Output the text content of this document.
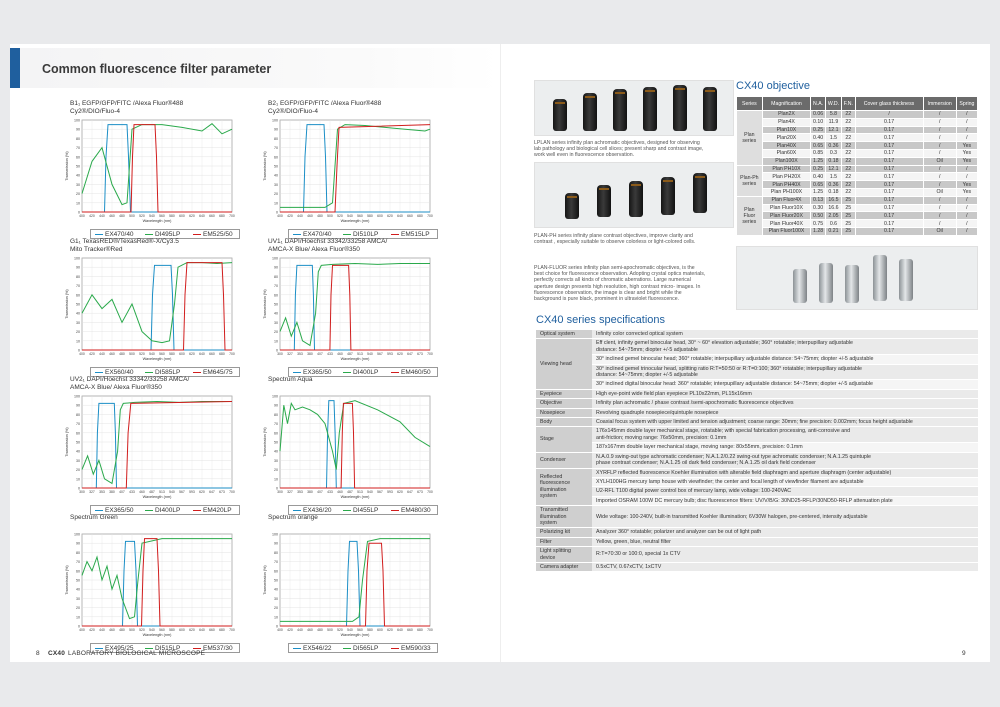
Common fluorescence filter parameter
B1₁ EGFP/GFP/FITC /Alexa Fluor®488
Cy2®/DIO/Fluo-4
0
10
20
30
40
50
60
70
80
90
100
400 420 440 460 480 500 520 540 560 580 600 620 640 660 680 700
Transmission (%)
Wavelength (nm)
EX470/40	DI495LP	EM525/50
B2₁ EGFP/GFP/FITC /Alexa Fluor®488
Cy2®/DIO/Fluo-4
0
10
20
30
40
50
60
70
80
90
100
400 420 440 460 480 500 520 540 560 580 600 620 640 660 680 700
Transmission (%)
Wavelength (nm)
EX470/40	DI510LP	EM515LP
G1₁ TexasRED®/TexasRed®-X/Cy3.5
Mito Tracker®Red
0
10
20
30
40
50
60
70
80
90
100
400 420 440 460 480 500 520 540 560 580 600 620 640 660 680 700
Transmission (%)
Wavelength (nm)
EX560/40	DI585LP	EM645/75
UV1₁ DAPI/Hoechst 33342/33258 AMCA/
AMCA-X Blue/ Alexa Fluor®350
0
10
20
30
40
50
60
70
80
90
100
300 327 353 380 407 433 460 487 513 540 567 593 620 647 673 700
Transmission (%)
Wavelength (nm)
EX365/50	DI400LP	EM460/50
UV2₁ DAPI/Hoechst 33342/33258 AMCA/
AMCA-X Blue/ Alexa Fluor®350
0
10
20
30
40
50
60
70
80
90
100
300 327 353 380 407 433 460 487 513 540 567 593 620 647 673 700
Transmission (%)
Wavelength (nm)
EX365/50	DI400LP	EM420LP
Spectrum Aqua
0
10
20
30
40
50
60
70
80
90
100
300 327 353 380 407 433 460 487 513 540 567 593 620 647 673 700
Transmission (%)
Wavelength (nm)
EX436/20	DI455LP	EM480/30
Spectrum Green
0
10
20
30
40
50
60
70
80
90
100
400 420 440 460 480 500 520 540 560 580 600 620 640 660 680 700
Transmission (%)
Wavelength (nm)
EX495/25	DI515LP	EM537/30
Spectrum orange
0
10
20
30
40
50
60
70
80
90
100
400 420 440 460 480 500 520 540 560 580 600 620 640 660 680 700
Transmission (%)
Wavelength (nm)
EX546/22	DI565LP	EM590/33
8 CX40 LABORATORY BIOLOGICAL MICROSCOPE	9
LPLAN series infinity plan achromatic objectives, designed for observing
lab pathology and biological cell slices; present sharp and contrast image,
work well even in fluorescence observation.
PLAN-PH series infinity plane contrast objectives, improve clarity and
contrast , especially suitable to observe colorless or light-colored cells.
PLAN-FLUOR series infinity plan semi-apochromatic objectives, is the
best choice for fluorescence observation. Adopting crystal optics materials,
perfectly corrects all kinds of chromatic aberrations. Large numerical
aperture design presents high resolution, high contrast micro- images. In
fluorescence observation, the image is clear and bright while the
background is pure black, prominent in ultraviolet fluorescence.
CX40 objective
Series	Magnification	N.A.	W.D.	F.N.	Cover glass thickness	Immersion	Spring
Plan
series	Plan2X	0.06	5.8	22	/	/	/
	Plan4X	0.10	11.9	22	0.17	/	/
	Plan10X	0.25	12.1	22	0.17	/	/
	Plan20X	0.40	1.5	22	0.17	/	/
	Plan40X	0.65	0.36	22	0.17	/	Yes
	Plan60X	0.85	0.3	22	0.17	/	Yes
	Plan100X	1.25	0.18	22	0.17	Oil	Yes
Plan-Ph
series	Plan PH10X	0.25	12.1	22	0.17	/	/
	Plan PH20X	0.40	1.5	22	0.17	/	/
	Plan PH40X	0.65	0.36	22	0.17	/	Yes
	Plan PH100X	1.25	0.18	22	0.17	Oil	Yes
Plan
Fluor
series	Plan Fluor4X	0.13	16.5	25	0.17	/	/
	Plan Fluor10X	0.30	16.6	25	0.17	/	/
	Plan Fluor20X	0.50	2.05	25	0.17	/	/
	Plan Fluor40X	0.75	0.6	25	0.17	/	/
	Plan Fluor100X	1.28	0.21	25	0.17	Oil	/
CX40 series specifications
Optical system	Infinity color corrected optical system
Viewing head	Eff clent, infinity gemel binocular head, 30° ~ 60° elevation adjustable; 360° rotatable; interpupillary adjustable
distance: 54~75mm; diopter +/-5 adjustable
	30° inclined gemel binocular head; 360° rotatable; interpupillary adjustable distance: 54~75mm; diopter +/-5 adjustable
	30° inclined gemel trinocular head, splitting ratio R:T=50:50 or R:T=0:100; 360° rotatable; interpupillary adjustable
distance: 54~75mm; diopter +/-5 adjustable
	30° inclined digital binocular head: 360° rotatable; interpupillary adjustable distance: 54~75mm; diopter +/-5 adjustable
Eyepiece	High eye-point wide field plan eyepiece PL10x22mm, PL15x16mm
Objective	Infinity plan achromatic / phase contrast /semi-apochromatic fluorescence objectives
Nosepiece	Revolving quadruple nosepiece/quintuple nosepiece
Body	Coaxial focus system with upper limited and tension adjustment; coarse range: 30mm; fine precision: 0.002mm; focus height adjustable
Stage	176x145mm double layer mechanical stage, rotatable; with special fabrication processing, anti-corrosive and
anti-friction; moving range: 76x50mm, precision: 0.1mm
	187x167mm double layer mechanical stage, moving range: 80x55mm, precision: 0.1mm
Condenser	N.A.0.9 swing-out type achromatic condenser; N.A.1.2/0.22 swing-out type achromatic condenser; N.A.1.25 quintuple
phase contrast condenser; N.A.1.25 oil dark field condenser; N.A.1.25 oil dark field condenser
Reflected
fluorescence
illumination
system	XYRFLP reflected fluorescence Koehler illumination with alterable field diaphragm and aperture diaphragm (center adjustable)
	XYLH100HG mercury lamp house with viewfinder; the center and focal length of viewfinder filament are adjustable
	U2-RFL T100 digital power control box of mercury lamp, wide voltage: 100-240VAC
	Imported OSRAM 100W DC mercury bulb; disc fluorescence filters: UV/V/B/G: 30ND25-RFLP/30ND50-RFLP attenuation plate
Transmitted
illumination
system	Wide voltage: 100-240V, built-in transmitted Koehler illumination; 6V30W halogen, pre-centered, intensity adjustable
Polarizing kit	Analyzer 360° rotatable; polarizer and analyzer can be out of light path
Filter	Yellow, green, blue, neutral filter
Light splitting
device	R:T=70:30 or 100:0, special 1x CTV
Camera adapter	0.5xCTV, 0.67xCTV, 1xCTV
